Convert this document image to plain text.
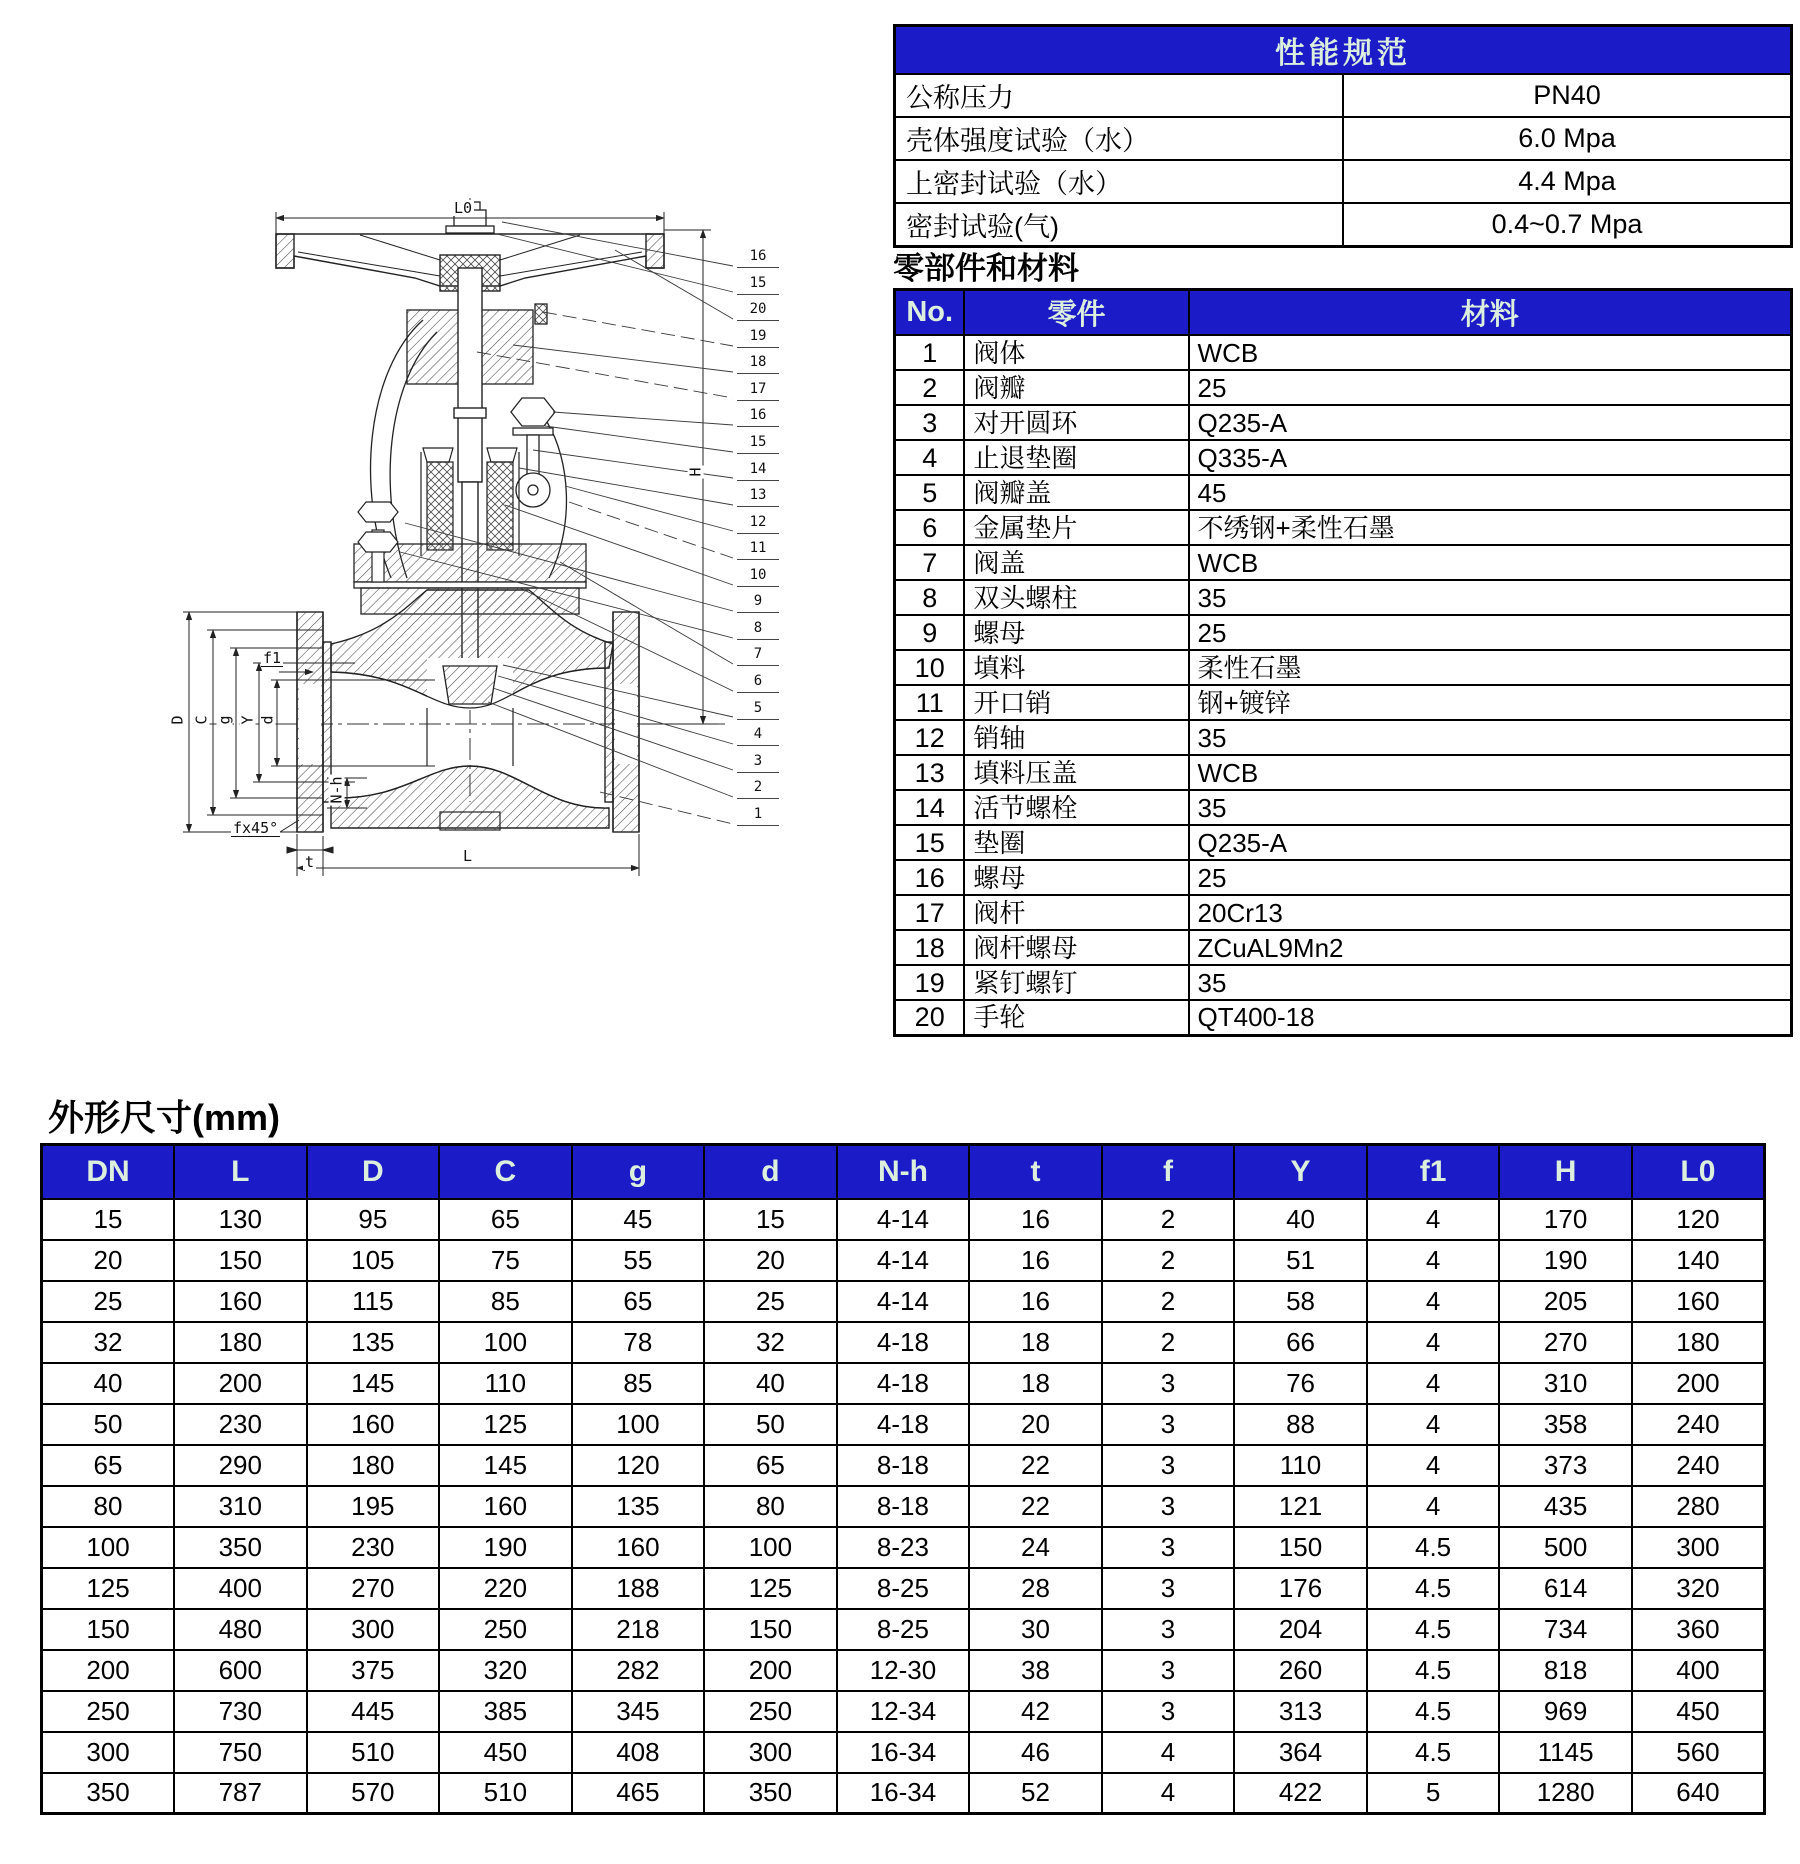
16
15
20
19
18
17
16
15
14
13
12
11
10
9
8
7
6
5
4
3
2
1
L0
H
L
D C g Y d
f1
t
fx45°
N-h
性能规范	
公称压力	PN40
壳体强度试验（水）	6.0 Mpa
上密封试验（水）	4.4 Mpa
密封试验(气)	0.4~0.7 Mpa
零部件和材料
No.	零件	材料
1	阀体	WCB
2	阀瓣	25
3	对开圆环	Q235-A
4	止退垫圈	Q335-A
5	阀瓣盖	45
6	金属垫片	不绣钢+柔性石墨
7	阀盖	WCB
8	双头螺柱	35
9	螺母	25
10	填料	柔性石墨
11	开口销	钢+镀锌
12	销轴	35
13	填料压盖	WCB
14	活节螺栓	35
15	垫圈	Q235-A
16	螺母	25
17	阀杆	20Cr13
18	阀杆螺母	ZCuAL9Mn2
19	紧钉螺钉	35
20	手轮	QT400-18
外形尺寸(mm)
DN	L	D	C	g	d	N-h	t	f	Y	f1	H	L0
15	130	95	65	45	15	4-14	16	2	40	4	170	120
20	150	105	75	55	20	4-14	16	2	51	4	190	140
25	160	115	85	65	25	4-14	16	2	58	4	205	160
32	180	135	100	78	32	4-18	18	2	66	4	270	180
40	200	145	110	85	40	4-18	18	3	76	4	310	200
50	230	160	125	100	50	4-18	20	3	88	4	358	240
65	290	180	145	120	65	8-18	22	3	110	4	373	240
80	310	195	160	135	80	8-18	22	3	121	4	435	280
100	350	230	190	160	100	8-23	24	3	150	4.5	500	300
125	400	270	220	188	125	8-25	28	3	176	4.5	614	320
150	480	300	250	218	150	8-25	30	3	204	4.5	734	360
200	600	375	320	282	200	12-30	38	3	260	4.5	818	400
250	730	445	385	345	250	12-34	42	3	313	4.5	969	450
300	750	510	450	408	300	16-34	46	4	364	4.5	1145	560
350	787	570	510	465	350	16-34	52	4	422	5	1280	640
